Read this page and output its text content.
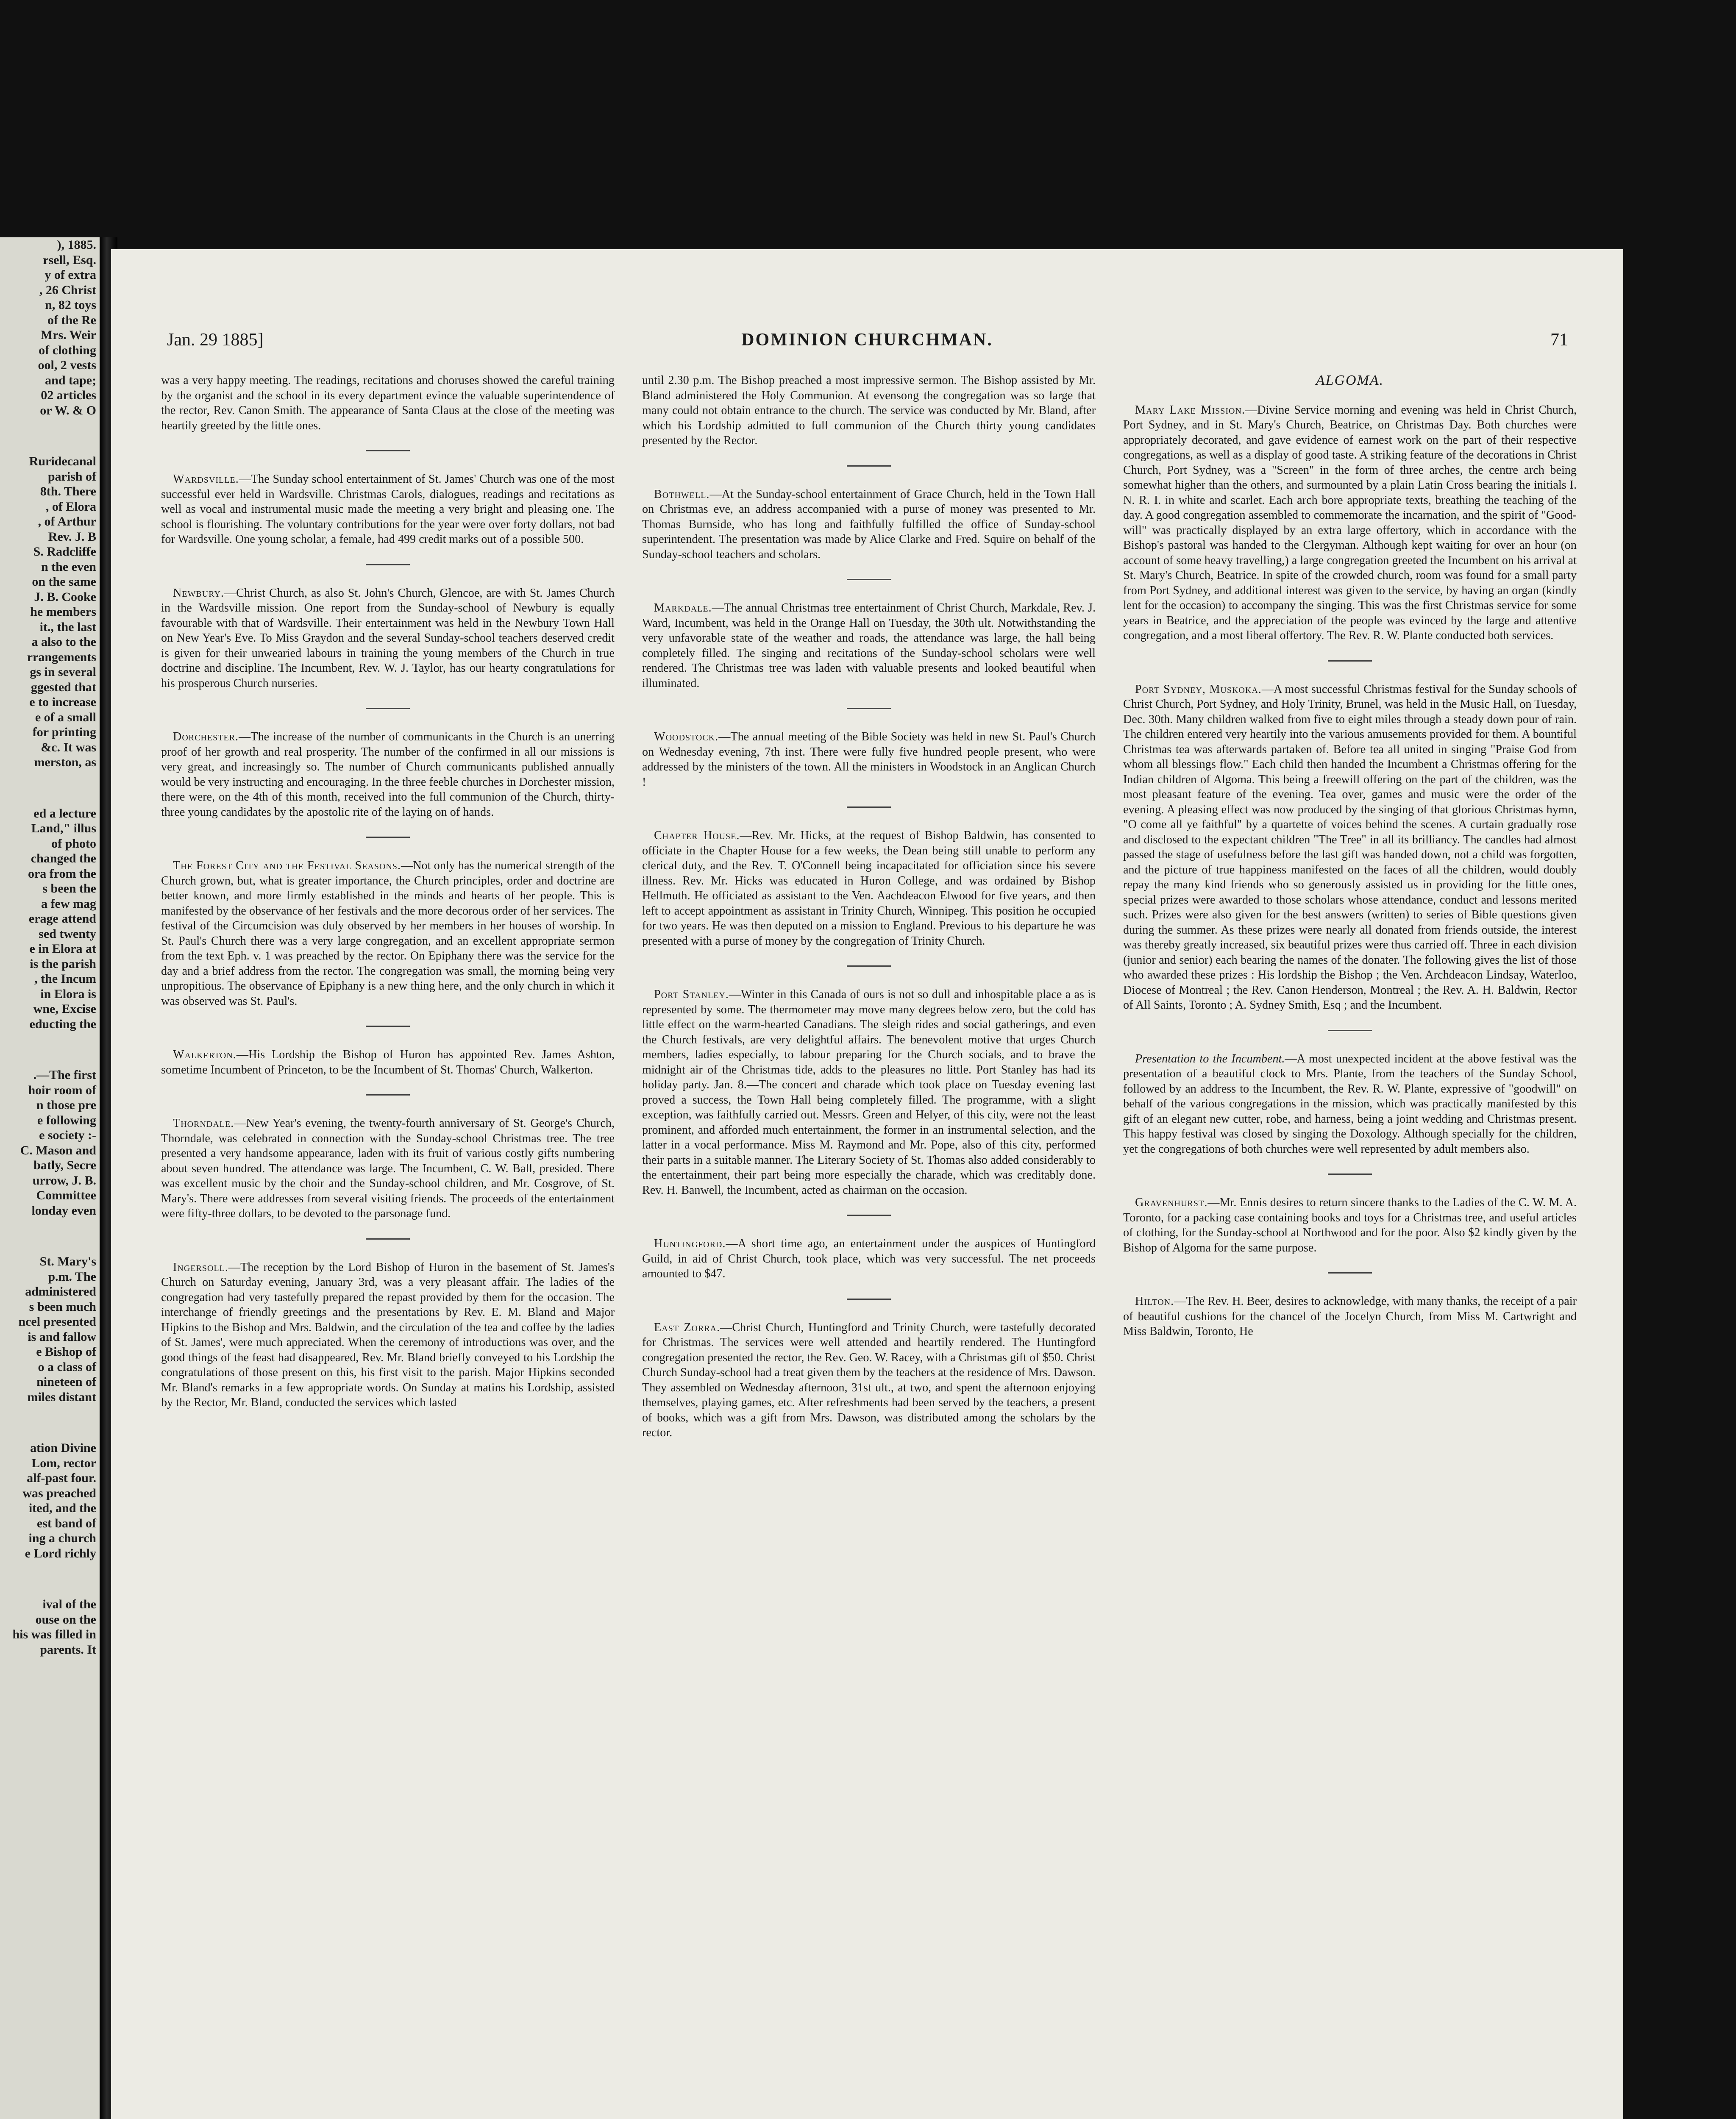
), 1885.
rsell, Esq.
y of extra
, 26 Christ
n, 82 toys
of the Re
Mrs. Weir
of clothing
ool, 2 vests
and tape;
02 articles
or W. & O
Ruridecanal
parish of
8th. There
, of Elora
, of Arthur
Rev. J. B
S. Radcliffe
n the even
on the same
J. B. Cooke
he members
it., the last
a also to the
rrangements
gs in several
ggested that
e to increase
e of a small
for printing
&c. It was
merston, as
ed a lecture
Land," illus
of photo
changed the
ora from the
s been the
a few mag
erage attend
sed twenty
e in Elora at
is the parish
, the Incum
in Elora is
wne, Excise
educting the
.—The first
hoir room of
n those pre
e following
e society :-
C. Mason and
batly, Secre
urrow, J. B.
Committee
londay even
St. Mary's
p.m. The
administered
s been much
ncel presented
is and fallow
e Bishop of
o a class of
nineteen of
miles distant
ation Divine
Lom, rector
alf-past four.
was preached
ited, and the
est band of
ing a church
e Lord richly
ival of the
ouse on the
his was filled in
parents. It
Jan. 29 1885]	DOMINION CHURCHMAN.	71

was a very happy meeting. The readings, recitations and choruses showed the careful training by the organist and the school in its every department evince the valuable superintendence of the rector, Rev. Canon Smith. The appearance of Santa Claus at the close of the meeting was heartily greeted by the little ones.

Wardsville.—The Sunday school entertainment of St. James' Church was one of the most successful ever held in Wardsville. Christmas Carols, dialogues, readings and recitations as well as vocal and instrumental music made the meeting a very bright and pleasing one. The school is flourishing. The voluntary contributions for the year were over forty dollars, not bad for Wardsville. One young scholar, a female, had 499 credit marks out of a possible 500.

Newbury.—Christ Church, as also St. John's Church, Glencoe, are with St. James Church in the Wardsville mission. One report from the Sunday-school of Newbury is equally favourable with that of Wardsville. Their entertainment was held in the Newbury Town Hall on New Year's Eve. To Miss Graydon and the several Sunday-school teachers deserved credit is given for their unwearied labours in training the young members of the Church in true doctrine and discipline. The Incumbent, Rev. W. J. Taylor, has our hearty congratulations for his prosperous Church nurseries.

Dorchester.—The increase of the number of communicants in the Church is an unerring proof of her growth and real prosperity. The number of the confirmed in all our missions is very great, and increasingly so. The number of Church communicants published annually would be very instructing and encouraging. In the three feeble churches in Dorchester mission, there were, on the 4th of this month, received into the full communion of the Church, thirty-three young candidates by the apostolic rite of the laying on of hands.

The Forest City and the Festival Seasons.—Not only has the numerical strength of the Church grown, but, what is greater importance, the Church principles, order and doctrine are better known, and more firmly established in the minds and hearts of her people. This is manifested by the observance of her festivals and the more decorous order of her services. The festival of the Circumcision was duly observed by her members in her houses of worship. In St. Paul's Church there was a very large congregation, and an excellent appropriate sermon from the text Eph. v. 1 was preached by the rector. On Epiphany there was the service for the day and a brief address from the rector. The congregation was small, the morning being very unpropitious. The observance of Epiphany is a new thing here, and the only church in which it was observed was St. Paul's.

Walkerton.—His Lordship the Bishop of Huron has appointed Rev. James Ashton, sometime Incumbent of Princeton, to be the Incumbent of St. Thomas' Church, Walkerton.

Thorndale.—New Year's evening, the twenty-fourth anniversary of St. George's Church, Thorndale, was celebrated in connection with the Sunday-school Christmas tree. The tree presented a very handsome appearance, laden with its fruit of various costly gifts numbering about seven hundred. The attendance was large. The Incumbent, C. W. Ball, presided. There was excellent music by the choir and the Sunday-school children, and Mr. Cosgrove, of St. Mary's. There were addresses from several visiting friends. The proceeds of the entertainment were fifty-three dollars, to be devoted to the parsonage fund.

Ingersoll.—The reception by the Lord Bishop of Huron in the basement of St. James's Church on Saturday evening, January 3rd, was a very pleasant affair. The ladies of the congregation had very tastefully prepared the repast provided by them for the occasion. The interchange of friendly greetings and the presentations by Rev. E. M. Bland and Major Hipkins to the Bishop and Mrs. Baldwin, and the circulation of the tea and coffee by the ladies of St. James', were much appreciated. When the ceremony of introductions was over, and the good things of the feast had disappeared, Rev. Mr. Bland briefly conveyed to his Lordship the congratulations of those present on this, his first visit to the parish. Major Hipkins seconded Mr. Bland's remarks in a few appropriate words. On Sunday at matins his Lordship, assisted by the Rector, Mr. Bland, conducted the services which lasted

until 2.30 p.m. The Bishop preached a most impressive sermon. The Bishop assisted by Mr. Bland administered the Holy Communion. At evensong the congregation was so large that many could not obtain entrance to the church. The service was conducted by Mr. Bland, after which his Lordship admitted to full communion of the Church thirty young candidates presented by the Rector.

Bothwell.—At the Sunday-school entertainment of Grace Church, held in the Town Hall on Christmas eve, an address accompanied with a purse of money was presented to Mr. Thomas Burnside, who has long and faithfully fulfilled the office of Sunday-school superintendent. The presentation was made by Alice Clarke and Fred. Squire on behalf of the Sunday-school teachers and scholars.

Markdale.—The annual Christmas tree entertainment of Christ Church, Markdale, Rev. J. Ward, Incumbent, was held in the Orange Hall on Tuesday, the 30th ult. Notwithstanding the very unfavorable state of the weather and roads, the attendance was large, the hall being completely filled. The singing and recitations of the Sunday-school scholars were well rendered. The Christmas tree was laden with valuable presents and looked beautiful when illuminated.

Woodstock.—The annual meeting of the Bible Society was held in new St. Paul's Church on Wednesday evening, 7th inst. There were fully five hundred people present, who were addressed by the ministers of the town. All the ministers in Woodstock in an Anglican Church !

Chapter House.—Rev. Mr. Hicks, at the request of Bishop Baldwin, has consented to officiate in the Chapter House for a few weeks, the Dean being still unable to perform any clerical duty, and the Rev. T. O'Connell being incapacitated for officiation since his severe illness. Rev. Mr. Hicks was educated in Huron College, and was ordained by Bishop Hellmuth. He officiated as assistant to the Ven. Aachdeacon Elwood for five years, and then left to accept appointment as assistant in Trinity Church, Winnipeg. This position he occupied for two years. He was then deputed on a mission to England. Previous to his departure he was presented with a purse of money by the congregation of Trinity Church.

Port Stanley.—Winter in this Canada of ours is not so dull and inhospitable place a as is represented by some. The thermometer may move many degrees below zero, but the cold has little effect on the warm-hearted Canadians. The sleigh rides and social gatherings, and even the Church festivals, are very delightful affairs. The benevolent motive that urges Church members, ladies especially, to labour preparing for the Church socials, and to brave the midnight air of the Christmas tide, adds to the pleasures no little. Port Stanley has had its holiday party. Jan. 8.—The concert and charade which took place on Tuesday evening last proved a success, the Town Hall being completely filled. The programme, with a slight exception, was faithfully carried out. Messrs. Green and Helyer, of this city, were not the least prominent, and afforded much entertainment, the former in an instrumental selection, and the latter in a vocal performance. Miss M. Raymond and Mr. Pope, also of this city, performed their parts in a suitable manner. The Literary Society of St. Thomas also added considerably to the entertainment, their part being more especially the charade, which was creditably done. Rev. H. Banwell, the Incumbent, acted as chairman on the occasion.

Huntingford.—A short time ago, an entertainment under the auspices of Huntingford Guild, in aid of Christ Church, took place, which was very successful. The net proceeds amounted to $47.

East Zorra.—Christ Church, Huntingford and Trinity Church, were tastefully decorated for Christmas. The services were well attended and heartily rendered. The Huntingford congregation presented the rector, the Rev. Geo. W. Racey, with a Christmas gift of $50. Christ Church Sunday-school had a treat given them by the teachers at the residence of Mrs. Dawson. They assembled on Wednesday afternoon, 31st ult., at two, and spent the afternoon enjoying themselves, playing games, etc. After refreshments had been served by the teachers, a present of books, which was a gift from Mrs. Dawson, was distributed among the scholars by the rector.

ALGOMA.

Mary Lake Mission.—Divine Service morning and evening was held in Christ Church, Port Sydney, and in St. Mary's Church, Beatrice, on Christmas Day. Both churches were appropriately decorated, and gave evidence of earnest work on the part of their respective congregations, as well as a display of good taste. A striking feature of the decorations in Christ Church, Port Sydney, was a "Screen" in the form of three arches, the centre arch being somewhat higher than the others, and surmounted by a plain Latin Cross bearing the initials I. N. R. I. in white and scarlet. Each arch bore appropriate texts, breathing the teaching of the day. A good congregation assembled to commemorate the incarnation, and the spirit of "Good-will" was practically displayed by an extra large offertory, which in accordance with the Bishop's pastoral was handed to the Clergyman. Although kept waiting for over an hour (on account of some heavy travelling,) a large congregation greeted the Incumbent on his arrival at St. Mary's Church, Beatrice. In spite of the crowded church, room was found for a small party from Port Sydney, and additional interest was given to the service, by having an organ (kindly lent for the occasion) to accompany the singing. This was the first Christmas service for some years in Beatrice, and the appreciation of the people was evinced by the large and attentive congregation, and a most liberal offertory. The Rev. R. W. Plante conducted both services.

Port Sydney, Muskoka.—A most successful Christmas festival for the Sunday schools of Christ Church, Port Sydney, and Holy Trinity, Brunel, was held in the Music Hall, on Tuesday, Dec. 30th. Many children walked from five to eight miles through a steady down pour of rain. The children entered very heartily into the various amusements provided for them. A bountiful Christmas tea was afterwards partaken of. Before tea all united in singing "Praise God from whom all blessings flow." Each child then handed the Incumbent a Christmas offering for the Indian children of Algoma. This being a freewill offering on the part of the children, was the most pleasant feature of the evening. Tea over, games and music were the order of the evening. A pleasing effect was now produced by the singing of that glorious Christmas hymn, "O come all ye faithful" by a quartette of voices behind the scenes. A curtain gradually rose and disclosed to the expectant children "The Tree" in all its brilliancy. The candles had almost passed the stage of usefulness before the last gift was handed down, not a child was forgotten, and the picture of true happiness manifested on the faces of all the children, would doubly repay the many kind friends who so generously assisted us in providing for the little ones, special prizes were awarded to those scholars whose attendance, conduct and lessons merited such. Prizes were also given for the best answers (written) to series of Bible questions given during the summer. As these prizes were nearly all donated from friends outside, the interest was thereby greatly increased, six beautiful prizes were thus carried off. Three in each division (junior and senior) each bearing the names of the donater. The following gives the list of those who awarded these prizes : His lordship the Bishop ; the Ven. Archdeacon Lindsay, Waterloo, Diocese of Montreal ; the Rev. Canon Henderson, Montreal ; the Rev. A. H. Baldwin, Rector of All Saints, Toronto ; A. Sydney Smith, Esq ; and the Incumbent.

Presentation to the Incumbent.—A most unexpected incident at the above festival was the presentation of a beautiful clock to Mrs. Plante, from the teachers of the Sunday School, followed by an address to the Incumbent, the Rev. R. W. Plante, expressive of "goodwill" on behalf of the various congregations in the mission, which was practically manifested by this gift of an elegant new cutter, robe, and harness, being a joint wedding and Christmas present. This happy festival was closed by singing the Doxology. Although specially for the children, yet the congregations of both churches were well represented by adult members also.

Gravenhurst.—Mr. Ennis desires to return sincere thanks to the Ladies of the C. W. M. A. Toronto, for a packing case containing books and toys for a Christmas tree, and useful articles of clothing, for the Sunday-school at Northwood and for the poor. Also $2 kindly given by the Bishop of Algoma for the same purpose.

Hilton.—The Rev. H. Beer, desires to acknowledge, with many thanks, the receipt of a pair of beautiful cushions for the chancel of the Jocelyn Church, from Miss M. Cartwright and Miss Baldwin, Toronto, He
